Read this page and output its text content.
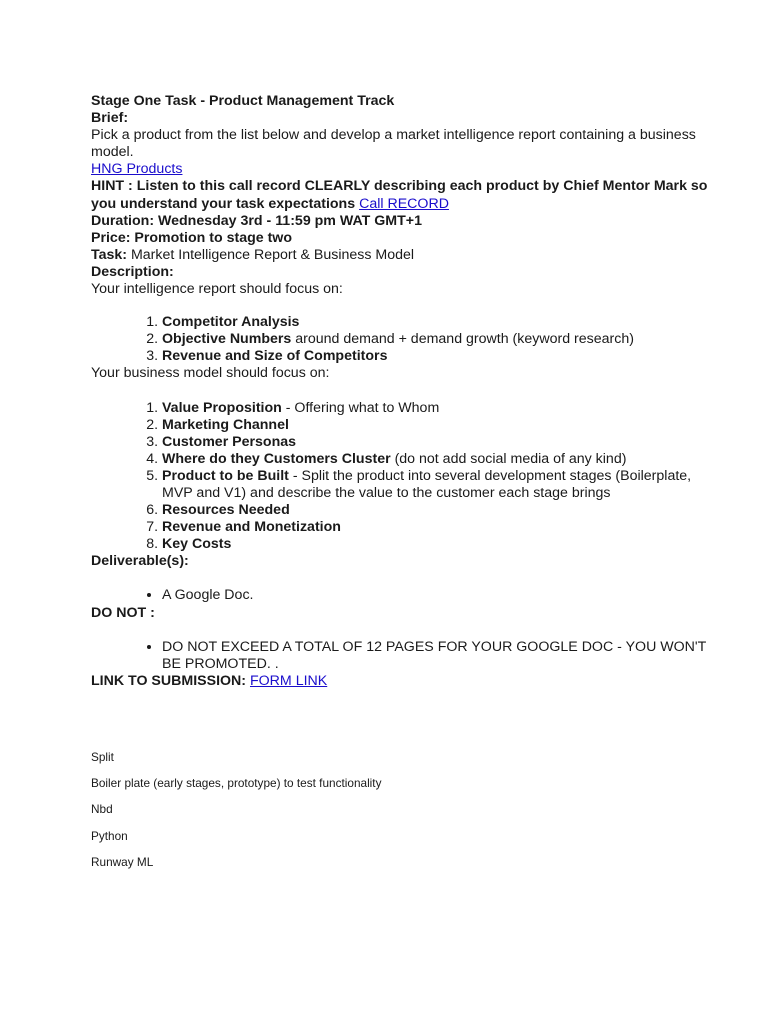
Stage One Task - Product Management Track

Brief:

Pick a product from the list below and develop a market intelligence report containing a business model.

HNG Products

HINT : Listen to this call record CLEARLY describing each product by Chief Mentor Mark so you understand your task expectations Call RECORD

Duration: Wednesday 3rd - 11:59 pm WAT GMT+1

Price: Promotion to stage two

Task: Market Intelligence Report & Business Model

Description:

Your intelligence report should focus on:

1. Competitor Analysis
2. Objective Numbers around demand + demand growth (keyword research)
3. Revenue and Size of Competitors

Your business model should focus on:

1. Value Proposition - Offering what to Whom
2. Marketing Channel
3. Customer Personas
4. Where do they Customers Cluster (do not add social media of any kind)
5. Product to be Built - Split the product into several development stages (Boilerplate, MVP and V1) and describe the value to the customer each stage brings
6. Resources Needed
7. Revenue and Monetization
8. Key Costs

Deliverable(s):

• A Google Doc.

DO NOT :

• DO NOT EXCEED A TOTAL OF 12 PAGES FOR YOUR GOOGLE DOC - YOU WON'T BE PROMOTED. .

LINK TO SUBMISSION: FORM LINK

Split

Boiler plate (early stages, prototype) to test functionality

Nbd

Python

Runway ML
